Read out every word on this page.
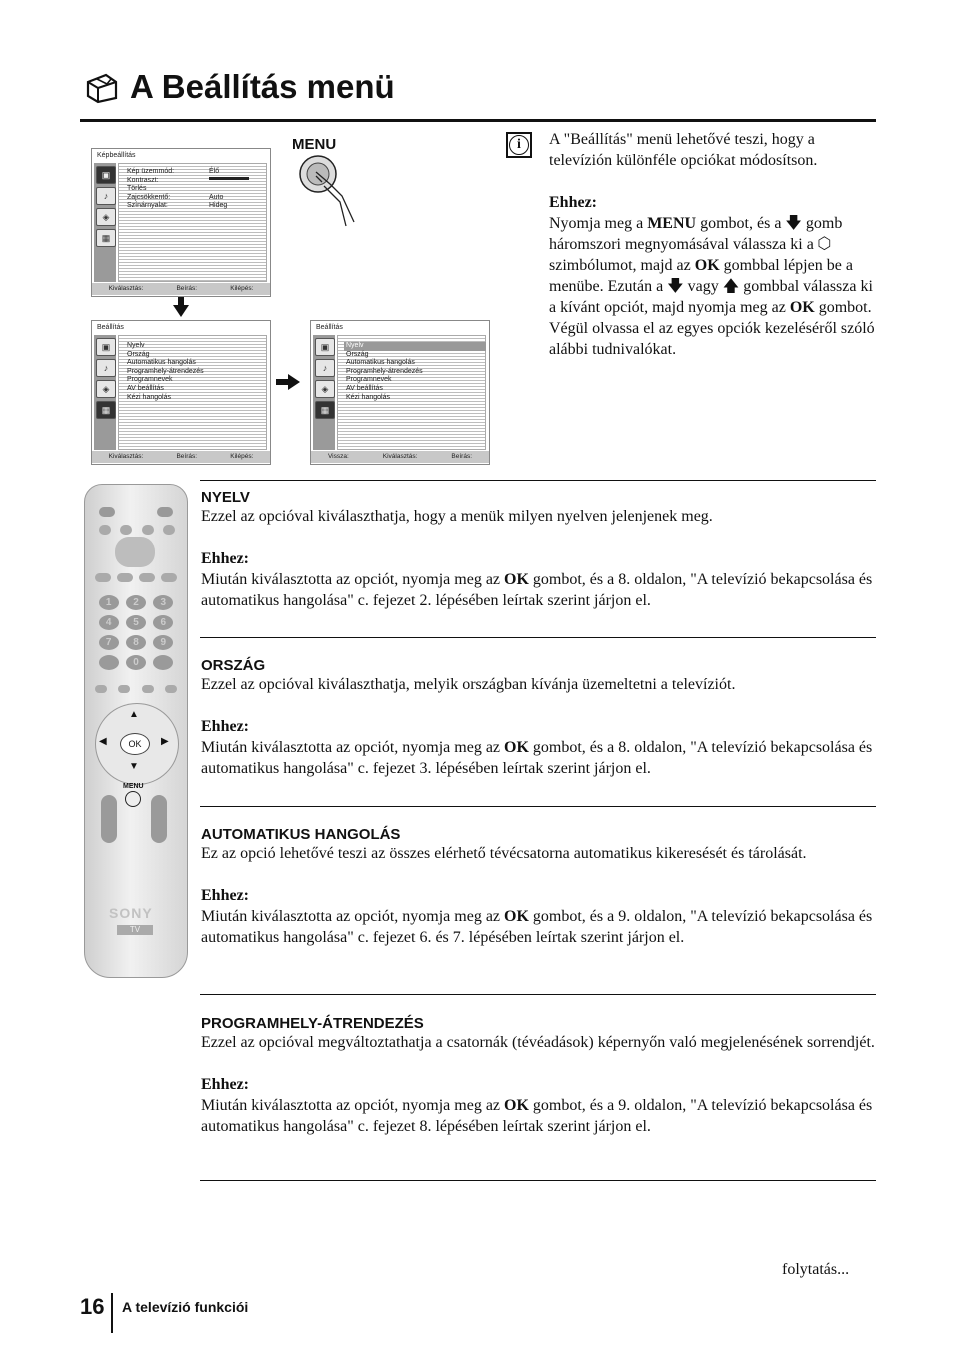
A Beállítás menü
Képbeállítás
▣
♪
◈
▦
Kép üzemmód:	Élő
Kontraszt:
Törlés
Zajcsökkentő:	Auto
Színárnyalat:	Hideg
Kiválasztás:	Beírás:	Kilépés:
MENU
Beállítás
▣
♪
◈
▦
Nyelv
Ország
Automatikus hangolás
Programhely-átrendezés
Programnevek
AV beállítás
Kézi hangolás
Kiválasztás:	Beírás:	Kilépés:
Beállítás
▣
♪
◈
▦
Nyelv
Ország
Automatikus hangolás
Programhely-átrendezés
Programnevek
AV beállítás
Kézi hangolás
Vissza:	Kiválasztás:	Beírás:
i	A "Beállítás" menü lehetővé teszi, hogy a televízión különféle opciókat módosítson.
Ehhez:
Nyomja meg a MENU gombot, és a 🡇 gomb háromszori megnyomásával válassza ki a ⬡ szimbólumot, majd az OK gombbal lépjen be a menübe. Ezután a 🡇 vagy 🡅 gombbal válassza ki a kívánt opciót, majd nyomja meg az OK gombot. Végül olvassa el az egyes opciók kezeléséről szóló alábbi tudnivalókat.
1	2	3
4	5	6
7	8	9
0
▲
▼
◀	▶
OK
MENU
SONY
TV
NYELV
Ezzel az opcióval kiválaszthatja, hogy a menük milyen nyelven jelenjenek meg.
Ehhez:
Miután kiválasztotta az opciót, nyomja meg az OK gombot, és a 8. oldalon, "A televízió bekapcsolása és automatikus hangolása" c. fejezet 2. lépésében leírtak szerint járjon el.
ORSZÁG
Ezzel az opcióval kiválaszthatja, melyik országban kívánja üzemeltetni a televíziót.
Ehhez:
Miután kiválasztotta az opciót, nyomja meg az OK gombot, és a 8. oldalon, "A televízió bekapcsolása és automatikus hangolása" c. fejezet 3. lépésében leírtak szerint járjon el.
AUTOMATIKUS HANGOLÁS
Ez az opció lehetővé teszi az összes elérhető tévécsatorna automatikus kikeresését és tárolását.
Ehhez:
Miután kiválasztotta az opciót, nyomja meg az OK gombot, és a 9. oldalon, "A televízió bekapcsolása és automatikus hangolása" c. fejezet 6. és 7. lépésében leírtak szerint járjon el.
PROGRAMHELY-ÁTRENDEZÉS
Ezzel az opcióval megváltoztathatja a csatornák (tévéadások) képernyőn való megjelenésének sorrendjét.
Ehhez:
Miután kiválasztotta az opciót, nyomja meg az OK gombot, és a 9. oldalon, "A televízió bekapcsolása és automatikus hangolása" c. fejezet 8. lépésében leírtak szerint járjon el.
folytatás...
16 A televízió funkciói
